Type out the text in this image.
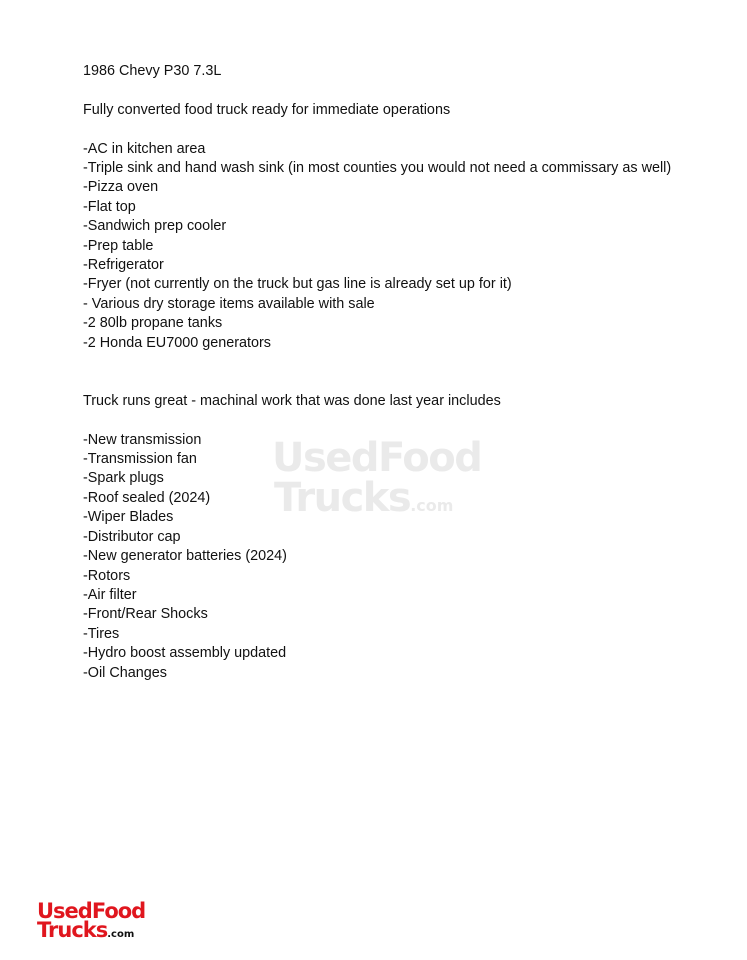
1986 Chevy P30 7.3L

Fully converted food truck ready for immediate operations

-AC in kitchen area

-Triple sink and hand wash sink (in most counties you would not need a commissary as well)

-Pizza oven

-Flat top

-Sandwich prep cooler

-Prep table

-Refrigerator

-Fryer (not currently on the truck but gas line is already set up for it)

- Various dry storage items available with sale

-2 80lb propane tanks

-2 Honda EU7000 generators

Truck runs great - machinal work that was done last year includes

-New transmission

-Transmission fan

-Spark plugs

-Roof sealed (2024)

-Wiper Blades

-Distributor cap

-New generator batteries (2024)

-Rotors

-Air filter

-Front/Rear Shocks

-Tires

-Hydro boost assembly updated

-Oil Changes

UsedFood
Trucks.com
UsedFood
Trucks.com
